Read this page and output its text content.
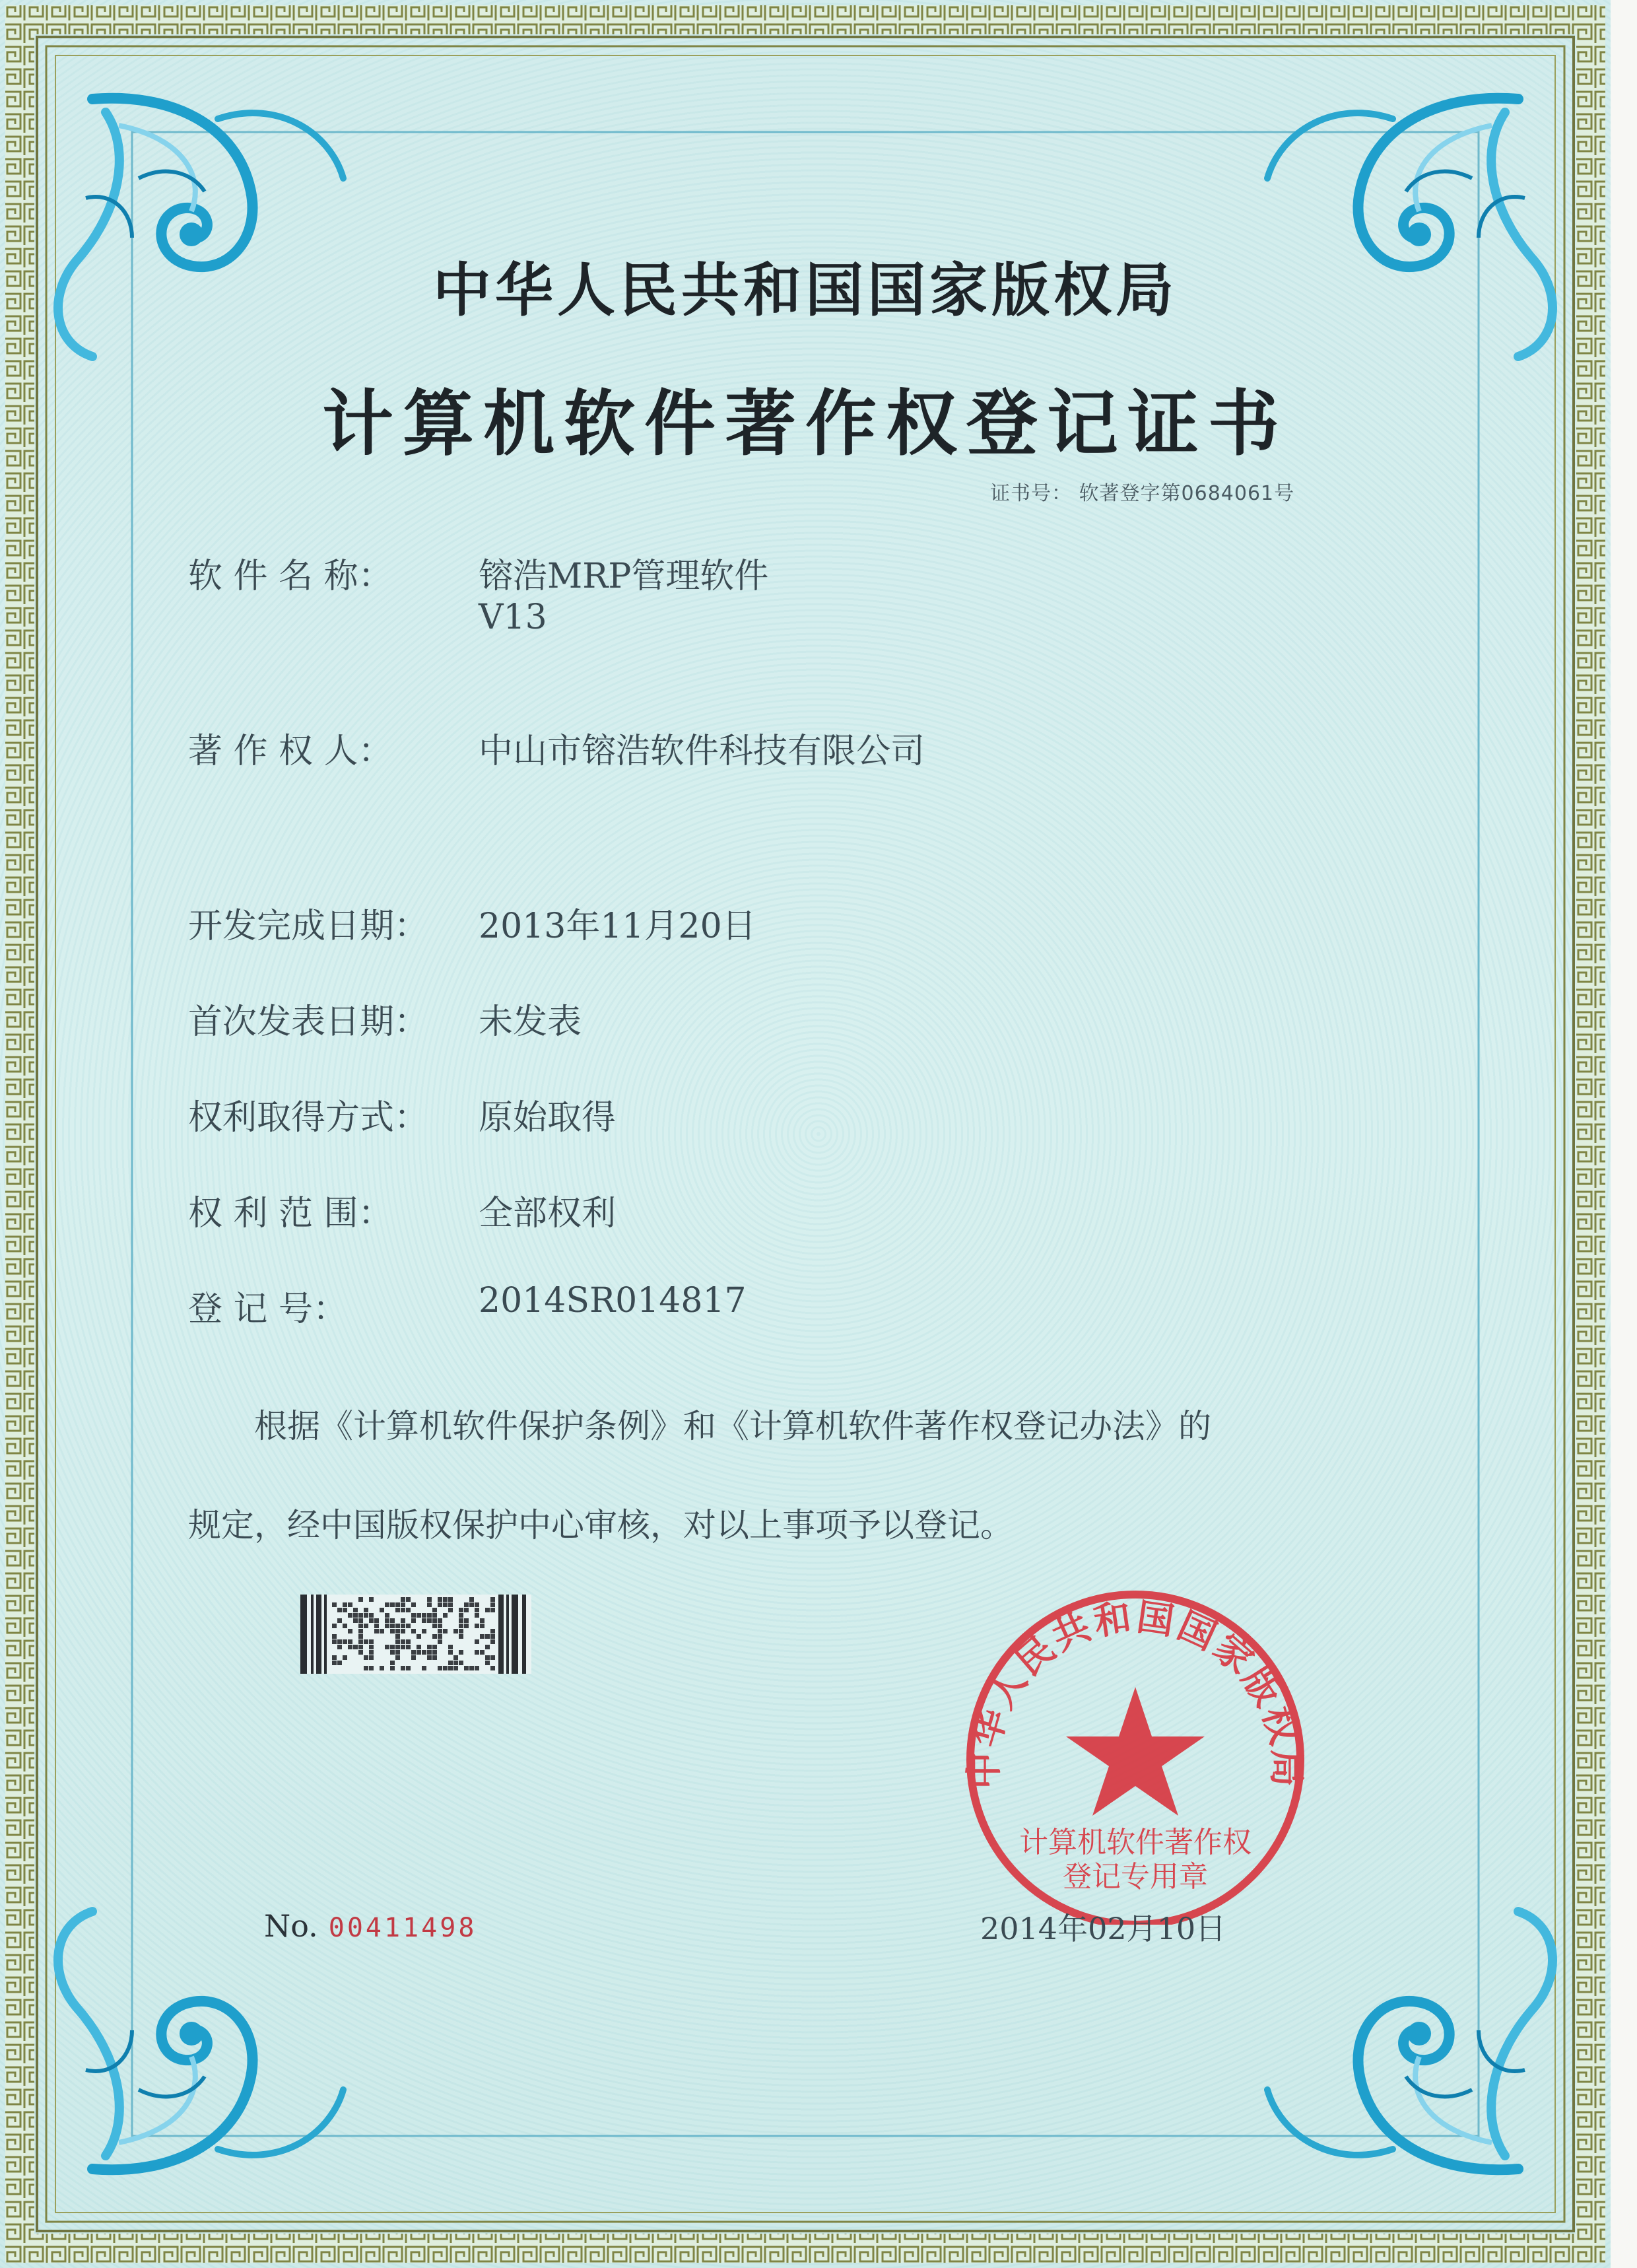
中华人民共和国国家版权局
计算机软件著作权登记证书
证书号： 软著登字第0684061号
软 件 名 称：	镕浩MRP管理软件
V13
著 作 权 人：	中山市镕浩软件科技有限公司
开发完成日期：	2013年11月20日
首次发表日期：	未发表
权利取得方式：	原始取得
权 利 范 围：	全部权利
登 记 号：	2014SR014817
根据《计算机软件保护条例》和《计算机软件著作权登记办法》的
规定，经中国版权保护中心审核，对以上事项予以登记。
中华人民共和国国家版权局
计算机软件著作权
登记专用章
No. 00411498	2014年02月10日
